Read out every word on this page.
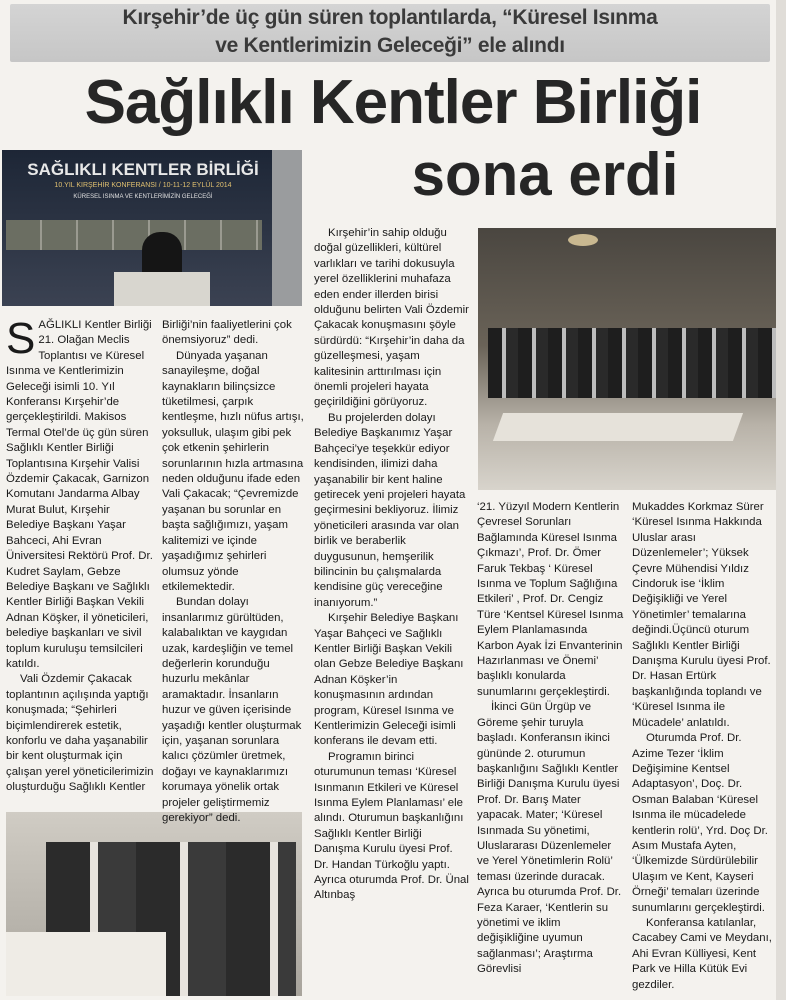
Kırşehir’de üç gün süren toplantılarda, “Küresel Isınma

ve Kentlerimizin Geleceği” ele alındı

Sağlıklı Kentler Birliği
sona erdi
SAĞLIKLI KENTLER BİRLİĞİ
10.YIL KIRŞEHİR KONFERANSI / 10-11-12 EYLÜL 2014
KÜRESEL ISINMA VE KENTLERİMİZİN GELECEĞİ

S AĞLIKLI Kentler Birliği 21. Olağan Meclis Toplantısı ve Küresel Isınma ve Kentlerimizin Geleceği isimli 10. Yıl Konferansı Kırşehir’de gerçekleştirildi. Makisos Termal Otel’de üç gün süren Sağlıklı Kentler Birliği Toplantısına Kırşehir Valisi Özdemir Çakacak, Garnizon Komutanı Jandarma Albay Murat Bulut, Kırşehir Belediye Başkanı Yaşar Bahceci, Ahi Evran Üniversitesi Rektörü Prof. Dr. Kudret Saylam, Gebze Belediye Başkanı ve Sağlıklı Kentler Birliği Başkan Vekili Adnan Köşker, il yöneticileri, belediye başkanları ve sivil toplum kuruluşu temsilcileri katıldı.

Vali Özdemir Çakacak toplantının açılışında yaptığı konuşmada; “Şehirleri biçimlendirerek estetik, konforlu ve daha yaşanabilir bir kent oluşturmak için çalışan yerel yöneticilerimizin oluşturduğu Sağlıklı Kentler

Birliği’nin faaliyetlerini çok önemsiyoruz” dedi.

Dünyada yaşanan sanayileşme, doğal kaynakların bilinçsizce tüketilmesi, çarpık kentleşme, hızlı nüfus artışı, yoksulluk, ulaşım gibi pek çok etkenin şehirlerin sorunlarının hızla artmasına neden olduğunu ifade eden Vali Çakacak; “Çevremizde yaşanan bu sorunlar en başta sağlığımızı, yaşam kalitemizi ve içinde yaşadığımız şehirleri olumsuz yönde etkilemektedir.

Bundan dolayı insanlarımız gürültüden, kalabalıktan ve kaygıdan uzak, kardeşliğin ve temel değerlerin korunduğu huzurlu mekânlar aramaktadır. İnsanların huzur ve güven içerisinde yaşadığı kentler oluşturmak için, yaşanan sorunlara kalıcı çözümler üretmek, doğayı ve kaynaklarımızı korumaya yönelik ortak projeler geliştirmemiz gerekiyor” dedi.

Kırşehir’in sahip olduğu doğal güzellikleri, kültürel varlıkları ve tarihi dokusuyla yerel özelliklerini muhafaza eden ender illerden birisi olduğunu belirten Vali Özdemir Çakacak konuşmasını şöyle sürdürdü: “Kırşehir’in daha da güzelleşmesi, yaşam kalitesinin arttırılması için önemli projeleri hayata geçirildiğini görüyoruz.

Bu projelerden dolayı Belediye Başkanımız Yaşar Bahçeci’ye teşekkür ediyor kendisinden, ilimizi daha yaşanabilir bir kent haline getirecek yeni projeleri hayata geçirmesini bekliyoruz. İlimiz yöneticileri arasında var olan birlik ve beraberlik duygusunun, hemşerilik bilincinin bu çalışmalarda kendisine güç vereceğine inanıyorum.”

Kırşehir Belediye Başkanı Yaşar Bahçeci ve Sağlıklı Kentler Birliği Başkan Vekili olan Gebze Belediye Başkanı Adnan Köşker’in konuşmasının ardından program, Küresel Isınma ve Kentlerimizin Geleceği isimli konferans ile devam etti.

Programın birinci oturumunun teması ‘Küresel Isınmanın Etkileri ve Küresel Isınma Eylem Planlaması’ ele alındı. Oturumun başkanlığını Sağlıklı Kentler Birliği Danışma Kurulu üyesi Prof. Dr. Handan Türkoğlu yaptı. Ayrıca oturumda Prof. Dr. Ünal Altınbaş

‘21. Yüzyıl Modern Kentlerin Çevresel Sorunları Bağlamında Küresel Isınma Çıkmazı’, Prof. Dr. Ömer Faruk Tekbaş ‘ Küresel Isınma ve Toplum Sağlığına Etkileri’ , Prof. Dr. Cengiz Türe ‘Kentsel Küresel Isınma Eylem Planlamasında Karbon Ayak İzi Envanterinin Hazırlanması ve Önemi’ başlıklı konularda sunumlarını gerçekleştirdi.

İkinci Gün Ürgüp ve Göreme şehir turuyla başladı. Konferansın ikinci gününde 2. oturumun başkanlığını Sağlıklı Kentler Birliği Danışma Kurulu üyesi Prof. Dr. Barış Mater yapacak. Mater; ‘Küresel Isınmada Su yönetimi, Uluslararası Düzenlemeler ve Yerel Yönetimlerin Rolü’ teması üzerinde duracak. Ayrıca bu oturumda Prof. Dr. Feza Karaer, ‘Kentlerin su yönetimi ve iklim değişikliğine uyumun sağlanması’; Araştırma Görevlisi

Mukaddes Korkmaz Sürer ‘Küresel Isınma Hakkında Uluslar arası Düzenlemeler’; Yüksek Çevre Mühendisi Yıldız Cindoruk ise ‘İklim Değişikliği ve Yerel Yönetimler’ temalarına değindi.Üçüncü oturum Sağlıklı Kentler Birliği Danışma Kurulu üyesi Prof. Dr. Hasan Ertürk başkanlığında toplandı ve ‘Küresel Isınma ile Mücadele’ anlatıldı.

Oturumda Prof. Dr. Azime Tezer ‘İklim Değişimine Kentsel Adaptasyon’, Doç. Dr. Osman Balaban ‘Küresel Isınma ile mücadelede kentlerin rolü’, Yrd. Doç Dr. Asım Mustafa Ayten, ‘Ülkemizde Sürdürülebilir Ulaşım ve Kent, Kayseri Örneği’ temaları üzerinde sunumlarını gerçekleştirdi.

Konferansa katılanlar, Cacabey Cami ve Meydanı, Ahi Evran Külliyesi, Kent Park ve Hilla Kütük Evi gezdiler.
